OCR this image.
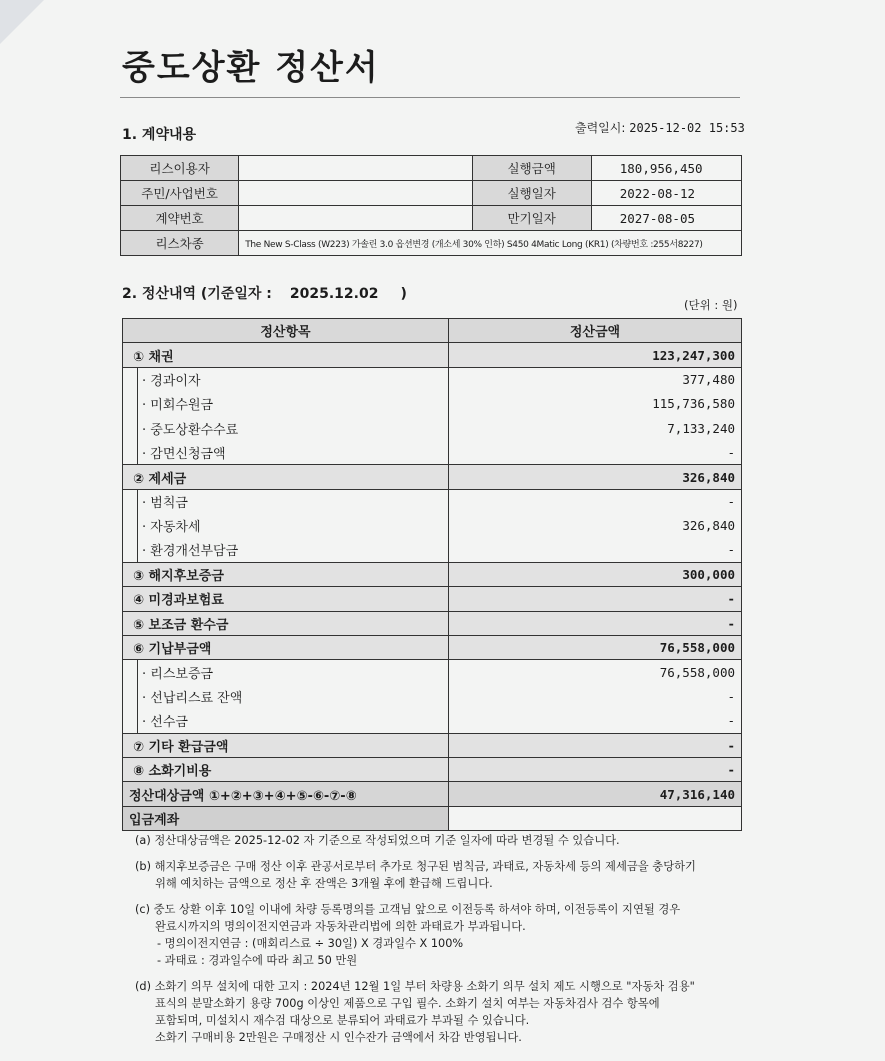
중도상환 정산서
1. 계약내용	출력일시: 2025-12-02 15:53
리스이용자		실행금액	180,956,450
주민/사업번호		실행일자	2022-08-12
계약번호		만기일자	2027-08-05
리스차종	The New S-Class (W223) 가솔린 3.0 옵션변경 (개소세 30% 인하) S450 4Matic Long (KR1) (차량번호 :255서8227)		
2. 정산내역 (기준일자 : 2025.12.02 )
(단위 : 원)
정산항목		정산금액
① 채권		123,247,300
	· 경과이자	377,480
	· 미회수원금	115,736,580
	· 중도상환수수료	7,133,240
	· 감면신청금액	-
② 제세금		326,840
	· 범칙금	-
	· 자동차세	326,840
	· 환경개선부담금	-
③ 해지후보증금		300,000
④ 미경과보험료		-
⑤ 보조금 환수금		-
⑥ 기납부금액		76,558,000
	· 리스보증금	76,558,000
	· 선납리스료 잔액	-
	· 선수금	-
⑦ 기타 환급금액		-
⑧ 소화기비용		-
정산대상금액 ①+②+③+④+⑤-⑥-⑦-⑧		47,316,140
입금계좌		
(a) 정산대상금액은 2025-12-02 자 기준으로 작성되었으며 기준 일자에 따라 변경될 수 있습니다.
(b) 해지후보증금은 구매 정산 이후 관공서로부터 추가로 청구된 범칙금, 과태료, 자동차세 등의 제세금을 충당하기
위해 예치하는 금액으로 정산 후 잔액은 3개월 후에 환급해 드립니다.
(c) 중도 상환 이후 10일 이내에 차량 등록명의를 고객님 앞으로 이전등록 하셔야 하며, 이전등록이 지연될 경우
완료시까지의 명의이전지연금과 자동차관리법에 의한 과태료가 부과됩니다.
- 명의이전지연금 : (매회리스료 ÷ 30일) X 경과일수 X 100%
- 과태료 : 경과일수에 따라 최고 50 만원
(d) 소화기 의무 설치에 대한 고지 : 2024년 12월 1일 부터 차량용 소화기 의무 설치 제도 시행으로 "자동차 검용"
표식의 분말소화기 용량 700g 이상인 제품으로 구입 필수. 소화기 설치 여부는 자동차검사 검수 항목에
포함되며, 미설치시 재수검 대상으로 분류되어 과태료가 부과될 수 있습니다.
소화기 구매비용 2만원은 구매정산 시 인수잔가 금액에서 차감 반영됩니다.
